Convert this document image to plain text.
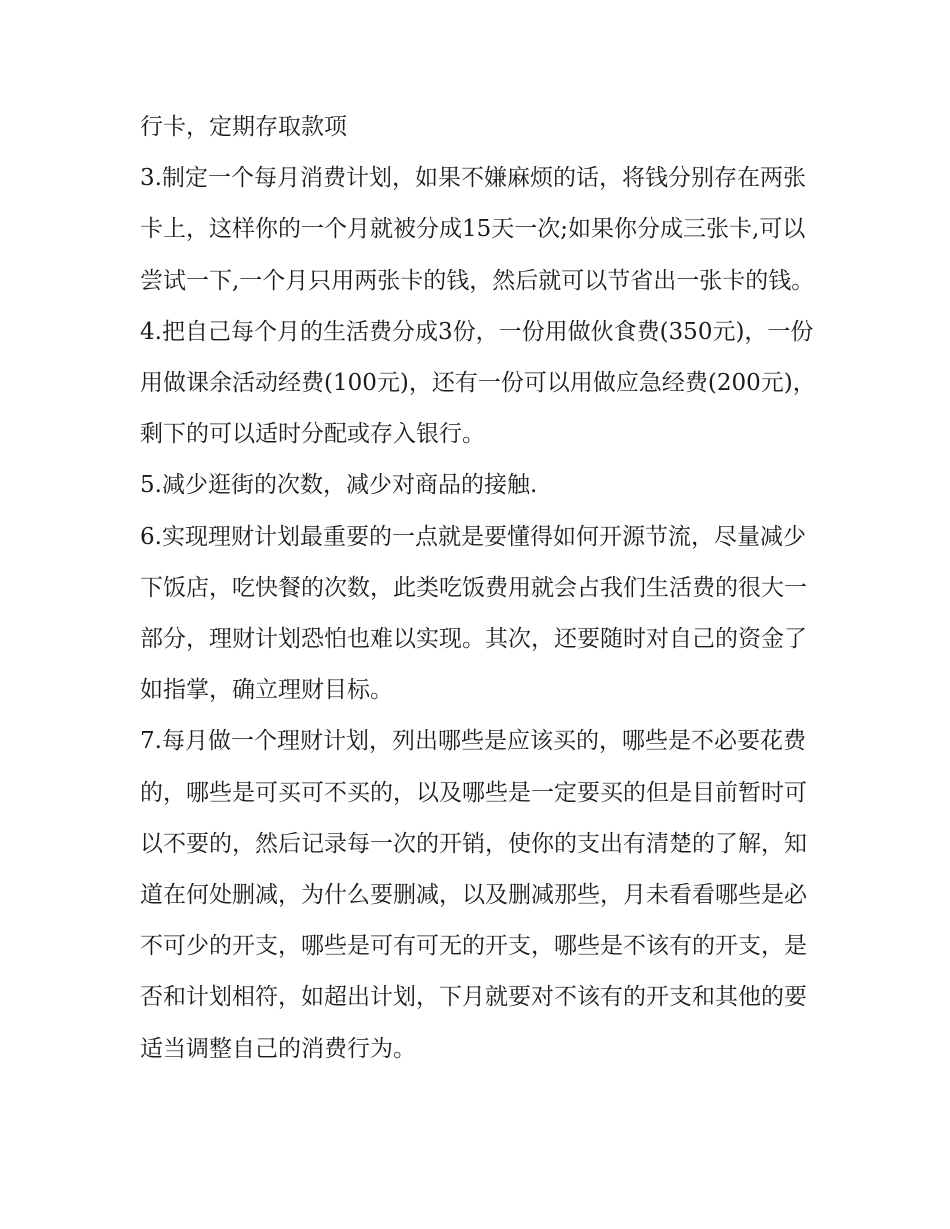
行卡，定期存取款项

3.制定一个每月消费计划，如果不嫌麻烦的话，将钱分别存在两张卡上，这样你的一个月就被分成15天一次;如果你分成三张卡,可以尝试一下,一个月只用两张卡的钱，然后就可以节省出一张卡的钱。

4.把自己每个月的生活费分成3份，一份用做伙食费(350元)，一份用做课余活动经费(100元)，还有一份可以用做应急经费(200元)，剩下的可以适时分配或存入银行。

5.减少逛街的次数，减少对商品的接触.

6.实现理财计划最重要的一点就是要懂得如何开源节流，尽量减少下饭店，吃快餐的次数，此类吃饭费用就会占我们生活费的很大一部分，理财计划恐怕也难以实现。其次，还要随时对自己的资金了如指掌，确立理财目标。

7.每月做一个理财计划，列出哪些是应该买的，哪些是不必要花费的，哪些是可买可不买的，以及哪些是一定要买的但是目前暂时可以不要的，然后记录每一次的开销，使你的支出有清楚的了解，知道在何处删减，为什么要删减，以及删减那些，月未看看哪些是必不可少的开支，哪些是可有可无的开支，哪些是不该有的开支，是否和计划相符，如超出计划，下月就要对不该有的开支和其他的要适当调整自己的消费行为。
